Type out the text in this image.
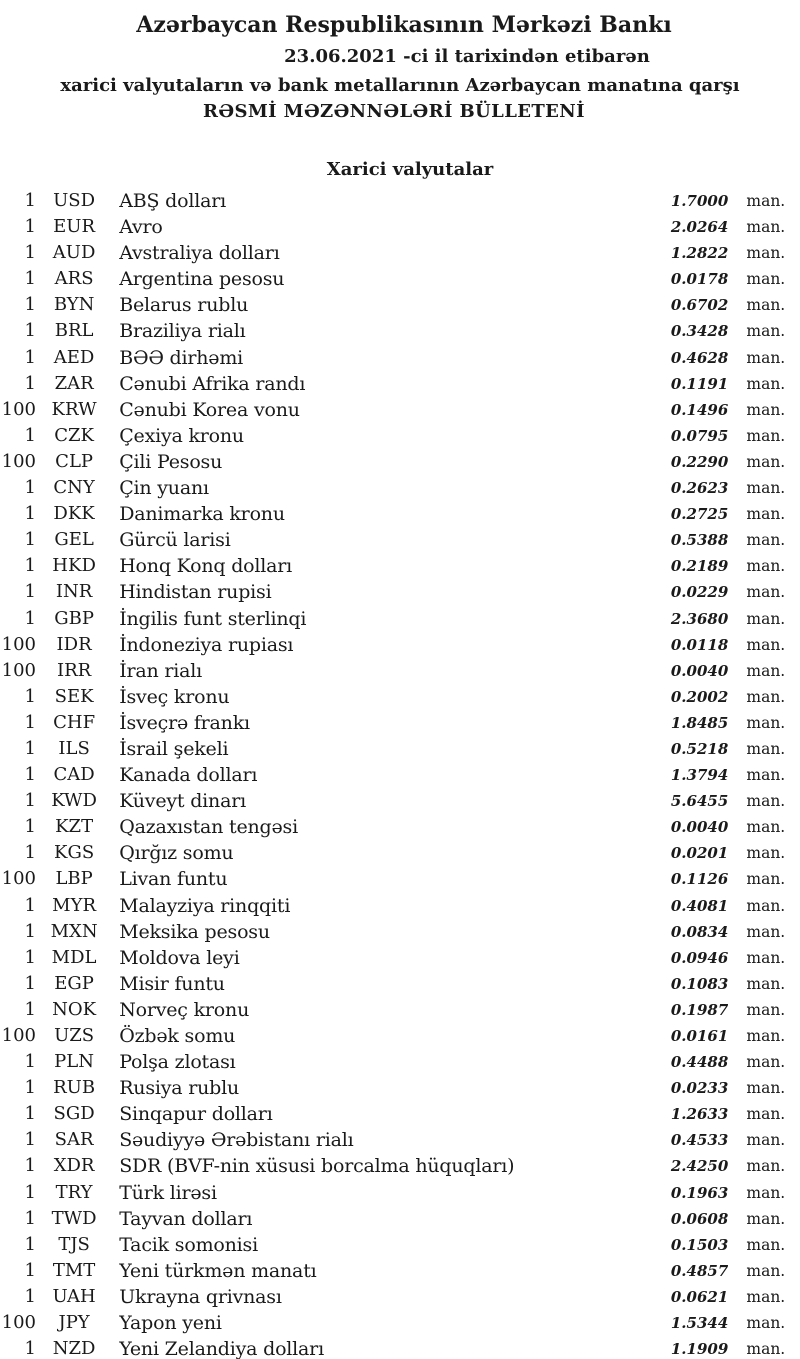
Azərbaycan Respublikasının Mərkəzi Bankı
23.06.2021 -ci il tarixindən etibarən
xarici valyutaların və bank metallarının Azərbaycan manatına qarşı
RƏSMİ MƏZƏNNƏLƏRİ BÜLLETENİ
Xarici valyutalar
1 USD ABŞ dolları	1.7000 man.
1 EUR Avro	2.0264 man.
1 AUD Avstraliya dolları	1.2822 man.
1 ARS Argentina pesosu	0.0178 man.
1 BYN Belarus rublu	0.6702 man.
1 BRL Braziliya rialı	0.3428 man.
1 AED BƏƏ dirhəmi	0.4628 man.
1 ZAR Cənubi Afrika randı	0.1191 man.
100 KRW Cənubi Korea vonu	0.1496 man.
1 CZK Çexiya kronu	0.0795 man.
100 CLP Çili Pesosu	0.2290 man.
1 CNY Çin yuanı	0.2623 man.
1 DKK Danimarka kronu	0.2725 man.
1 GEL Gürcü larisi	0.5388 man.
1 HKD Honq Konq dolları	0.2189 man.
1 INR Hindistan rupisi	0.0229 man.
1 GBP İngilis funt sterlinqi	2.3680 man.
100 IDR İndoneziya rupiası	0.0118 man.
100 IRR İran rialı	0.0040 man.
1 SEK İsveç kronu	0.2002 man.
1 CHF İsveçrə frankı	1.8485 man.
1 ILS İsrail şekeli	0.5218 man.
1 CAD Kanada dolları	1.3794 man.
1 KWD Küveyt dinarı	5.6455 man.
1 KZT Qazaxıstan tengəsi	0.0040 man.
1 KGS Qırğız somu	0.0201 man.
100 LBP Livan funtu	0.1126 man.
1 MYR Malayziya rinqqiti	0.4081 man.
1 MXN Meksika pesosu	0.0834 man.
1 MDL Moldova leyi	0.0946 man.
1 EGP Misir funtu	0.1083 man.
1 NOK Norveç kronu	0.1987 man.
100 UZS Özbək somu	0.0161 man.
1 PLN Polşa zlotası	0.4488 man.
1 RUB Rusiya rublu	0.0233 man.
1 SGD Sinqapur dolları	1.2633 man.
1 SAR Səudiyyə Ərəbistanı rialı	0.4533 man.
1 XDR SDR (BVF-nin xüsusi borcalma hüquqları)	2.4250 man.
1 TRY Türk lirəsi	0.1963 man.
1 TWD Tayvan dolları	0.0608 man.
1 TJS Tacik somonisi	0.1503 man.
1 TMT Yeni türkmən manatı	0.4857 man.
1 UAH Ukrayna qrivnası	0.0621 man.
100 JPY Yapon yeni	1.5344 man.
1 NZD Yeni Zelandiya dolları	1.1909 man.
